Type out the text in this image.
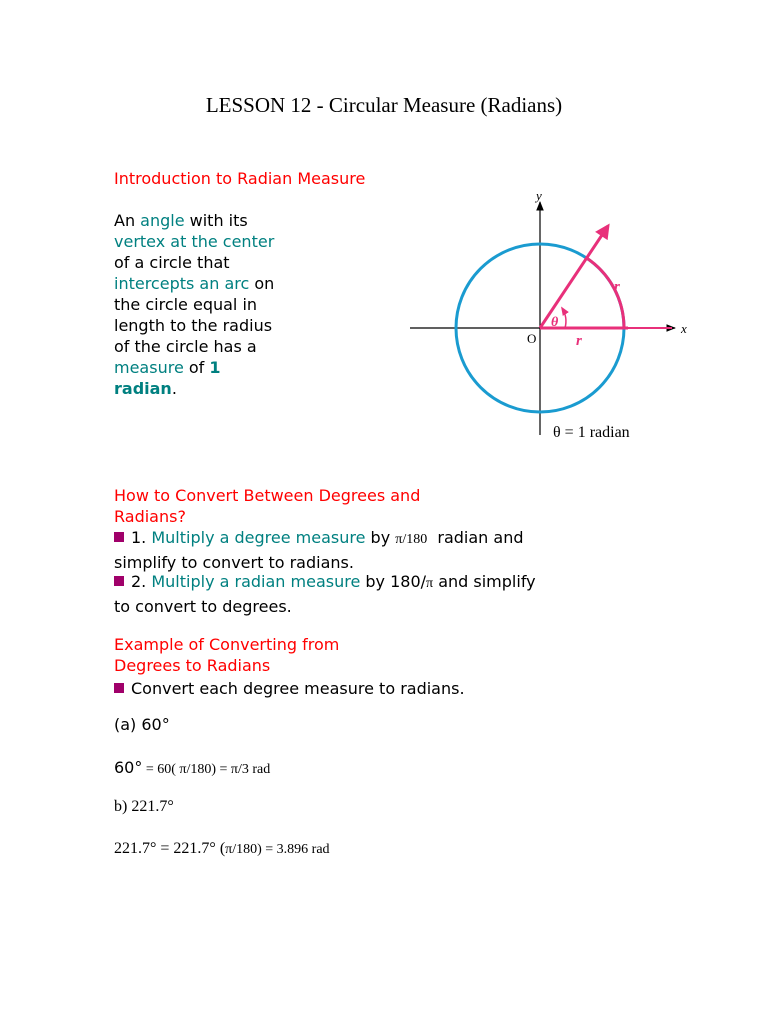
LESSON 12 - Circular Measure (Radians)
Introduction to Radian Measure
An angle with its
vertex at the center
of a circle that
intercepts an arc on
the circle equal in
length to the radius
of the circle has a
measure of 1
radian.
y
x
O
θ
r
r
θ = 1 radian
How to Convert Between Degrees and
Radians?
1. Multiply a degree measure by π/180  radian and
simplify to convert to radians.
2. Multiply a radian measure by 180/π and simplify
to convert to degrees.
Example of Converting from
Degrees to Radians
Convert each degree measure to radians.
(a) 60°
60° = 60( π/180) = π/3 rad
b) 221.7°
221.7° = 221.7° (π/180) = 3.896 rad
